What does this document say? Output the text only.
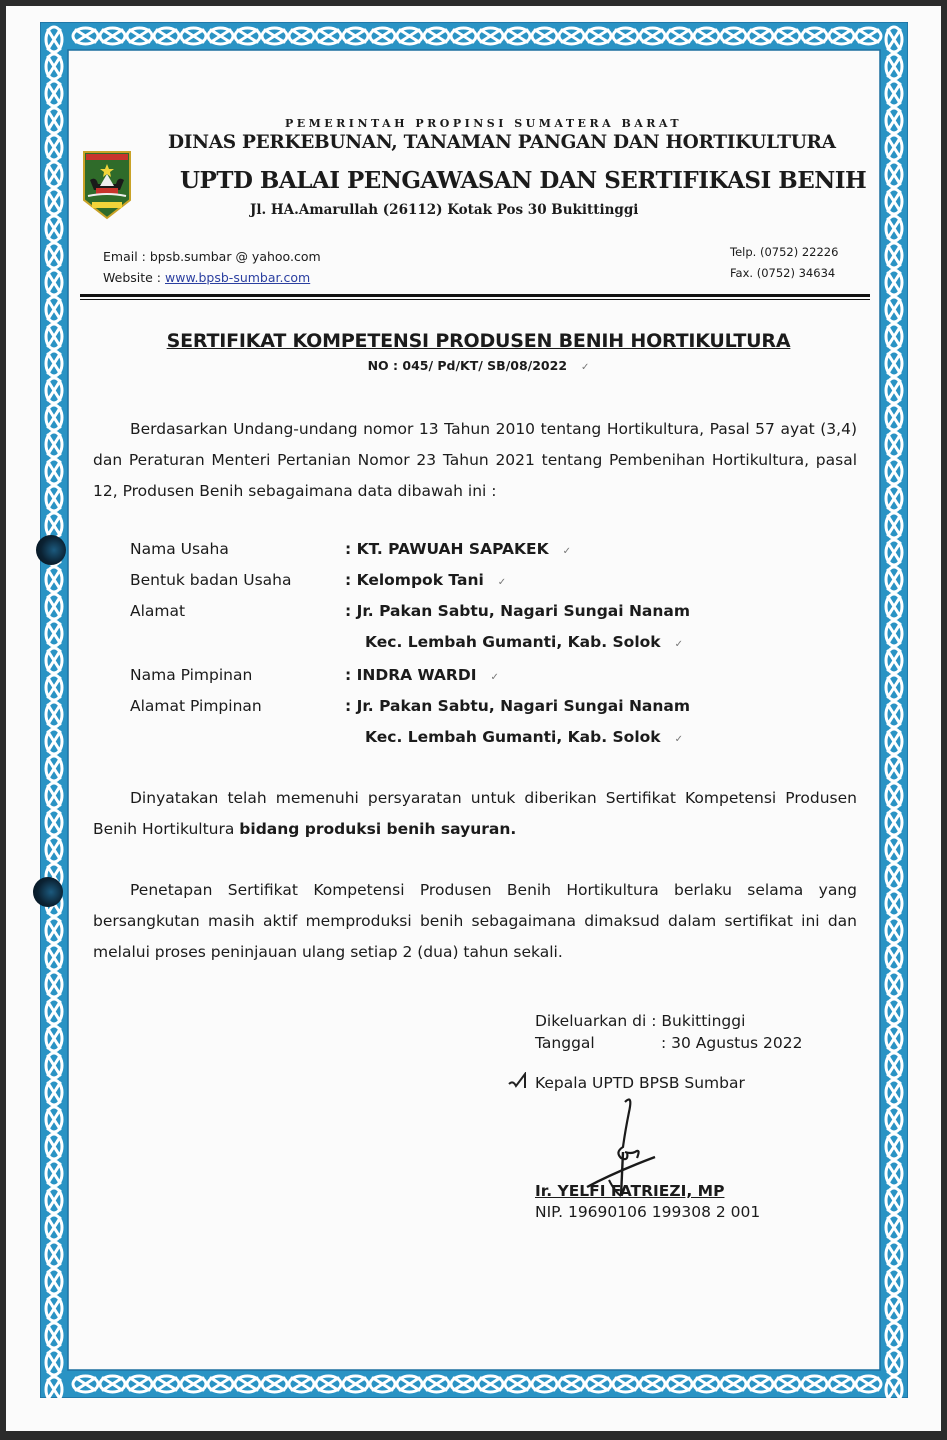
PEMERINTAH PROPINSI SUMATERA BARAT
DINAS PERKEBUNAN, TANAMAN PANGAN DAN HORTIKULTURA
UPTD BALAI PENGAWASAN DAN SERTIFIKASI BENIH
Jl. HA.Amarullah (26112) Kotak Pos 30 Bukittinggi
Email : bpsb.sumbar @ yahoo.com
Website : www.bpsb-sumbar.com
Telp. (0752) 22226
Fax. (0752) 34634
SERTIFIKAT KOMPETENSI PRODUSEN BENIH HORTIKULTURA
NO : 045/ Pd/KT/ SB/08/2022 ✓
Berdasarkan Undang-undang nomor 13 Tahun 2010 tentang Hortikultura, Pasal 57 ayat (3,4) dan Peraturan Menteri Pertanian Nomor 23 Tahun 2021 tentang Pembenihan Hortikultura, pasal 12, Produsen Benih sebagaimana data dibawah ini :
Nama Usaha	: KT. PAWUAH SAPAKEK ✓
Bentuk badan Usaha	: Kelompok Tani ✓
Alamat	: Jr. Pakan Sabtu, Nagari Sungai Nanam
Kec. Lembah Gumanti, Kab. Solok ✓
Nama Pimpinan	: INDRA WARDI ✓
Alamat Pimpinan	: Jr. Pakan Sabtu, Nagari Sungai Nanam
Kec. Lembah Gumanti, Kab. Solok ✓
Dinyatakan telah memenuhi persyaratan untuk diberikan Sertifikat Kompetensi Produsen Benih Hortikultura bidang produksi benih sayuran.
Penetapan Sertifikat Kompetensi Produsen Benih Hortikultura berlaku selama yang bersangkutan masih aktif memproduksi benih sebagaimana dimaksud dalam sertifikat ini dan melalui proses peninjauan ulang setiap 2 (dua) tahun sekali.
Dikeluarkan di : Bukittinggi
Tanggal	: 30 Agustus 2022
Kepala UPTD BPSB Sumbar
Ir. YELFI FATRIEZI, MP
NIP. 19690106 199308 2 001
